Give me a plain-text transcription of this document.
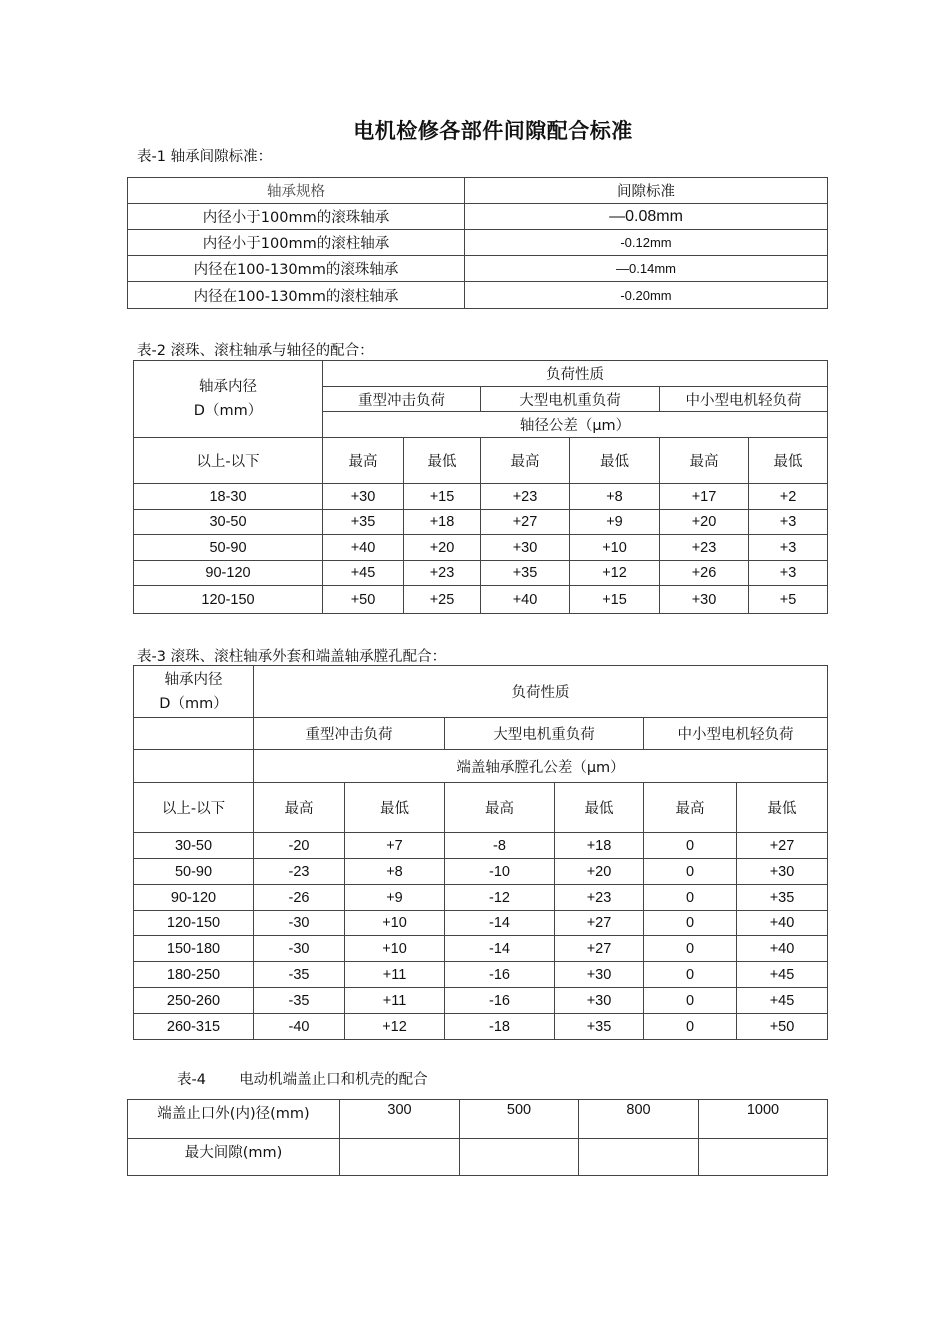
电机检修各部件间隙配合标准
表-1 轴承间隙标准：
轴承规格	间隙标准
内径小于100mm的滚珠轴承	—0.08mm
内径小于100mm的滚柱轴承	-0.12mm
内径在100-130mm的滚珠轴承	—0.14mm
内径在100-130mm的滚柱轴承	-0.20mm
表-2 滚珠、滚柱轴承与轴径的配合：
轴承内径
D（mm）	负荷性质					
	重型冲击负荷		大型电机重负荷		中小型电机轻负荷	
	轴径公差（μm）					
以上-以下	最高	最低	最高	最低	最高	最低
18-30	+30	+15	+23	+8	+17	+2
30-50	+35	+18	+27	+9	+20	+3
50-90	+40	+20	+30	+10	+23	+3
90-120	+45	+23	+35	+12	+26	+3
120-150	+50	+25	+40	+15	+30	+5
表-3 滚珠、滚柱轴承外套和端盖轴承膛孔配合：
轴承内径
D（mm）	负荷性质					
	重型冲击负荷		大型电机重负荷		中小型电机轻负荷	
	端盖轴承膛孔公差（μm）					
以上-以下	最高	最低	最高	最低	最高	最低
30-50	-20	+7	-8	+18	0	+27
50-90	-23	+8	-10	+20	0	+30
90-120	-26	+9	-12	+23	0	+35
120-150	-30	+10	-14	+27	0	+40
150-180	-30	+10	-14	+27	0	+40
180-250	-35	+11	-16	+30	0	+45
250-260	-35	+11	-16	+30	0	+45
260-315	-40	+12	-18	+35	0	+50
表-4 电动机端盖止口和机壳的配合
端盖止口外(内)径(mm)	300	500	800	1000
最大间隙(mm)				
